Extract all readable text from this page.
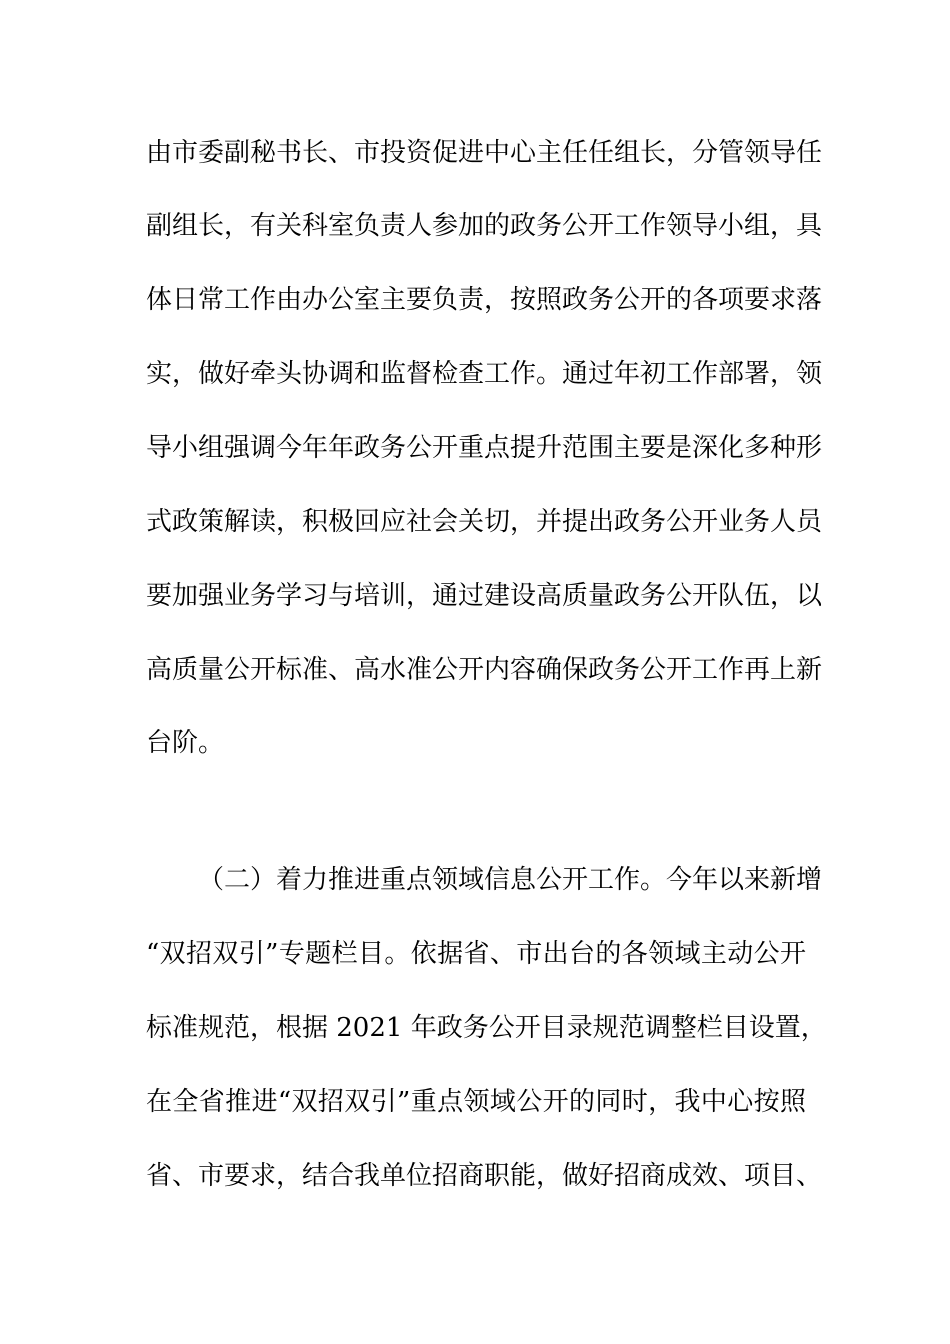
由市委副秘书长、市投资促进中心主任任组长，分管领导任
副组长，有关科室负责人参加的政务公开工作领导小组，具
体日常工作由办公室主要负责，按照政务公开的各项要求落
实，做好牵头协调和监督检查工作。通过年初工作部署，领
导小组强调今年年政务公开重点提升范围主要是深化多种形
式政策解读，积极回应社会关切，并提出政务公开业务人员
要加强业务学习与培训，通过建设高质量政务公开队伍，以
高质量公开标准、高水准公开内容确保政务公开工作再上新
台阶。
（二）着力推进重点领域信息公开工作。今年以来新增
“双招双引”专题栏目。依据省、市出台的各领域主动公开
标准规范，根据 2021 年政务公开目录规范调整栏目设置，
在全省推进“双招双引”重点领域公开的同时，我中心按照
省、市要求，结合我单位招商职能，做好招商成效、项目、
